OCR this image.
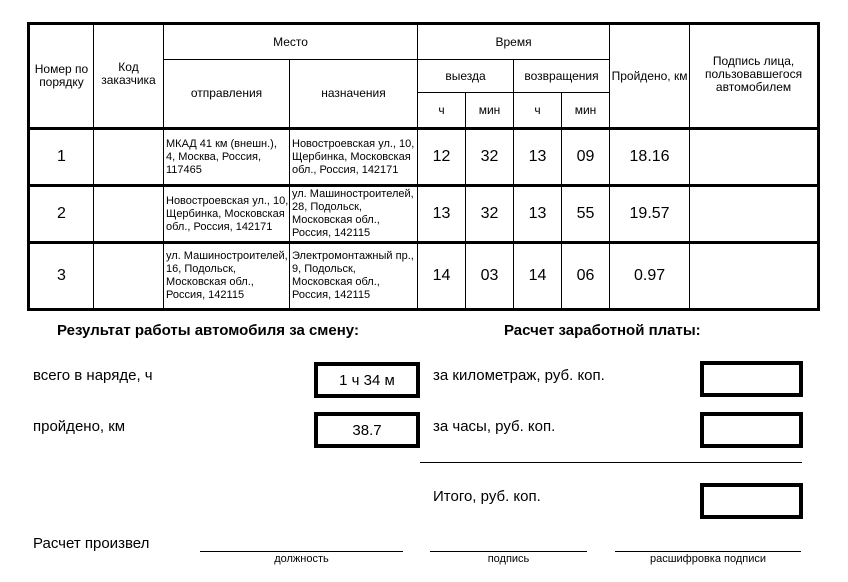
Номер по порядку	Код заказчика	Место		Время				Пройдено, км	Подпись лица, пользовавшегося автомобилем
		отправления	назначения	выезда		возвращения			
				ч	мин	ч	мин		
1		МКАД 41 км (внешн.), 4, Москва, Россия, 117465	Новостроевская ул., 10, Щербинка, Московская обл., Россия, 142171	12	32	13	09	18.16	
2		Новостроевская ул., 10, Щербинка, Московская обл., Россия, 142171	ул. Машиностроителей, 28, Подольск, Московская обл., Россия, 142115	13	32	13	55	19.57	
3		ул. Машиностроителей, 16, Подольск, Московская обл., Россия, 142115	Электромонтажный пр., 9, Подольск, Московская обл., Россия, 142115	14	03	14	06	0.97	
Результат работы автомобиля за смену:
всего в наряде, ч	1 ч 34 м
пройдено, км	38.7
Расчет заработной платы:
за километраж, руб. коп.
за часы, руб. коп.
Итого, руб. коп.
Расчет произвел
должность	подпись	расшифровка подписи
